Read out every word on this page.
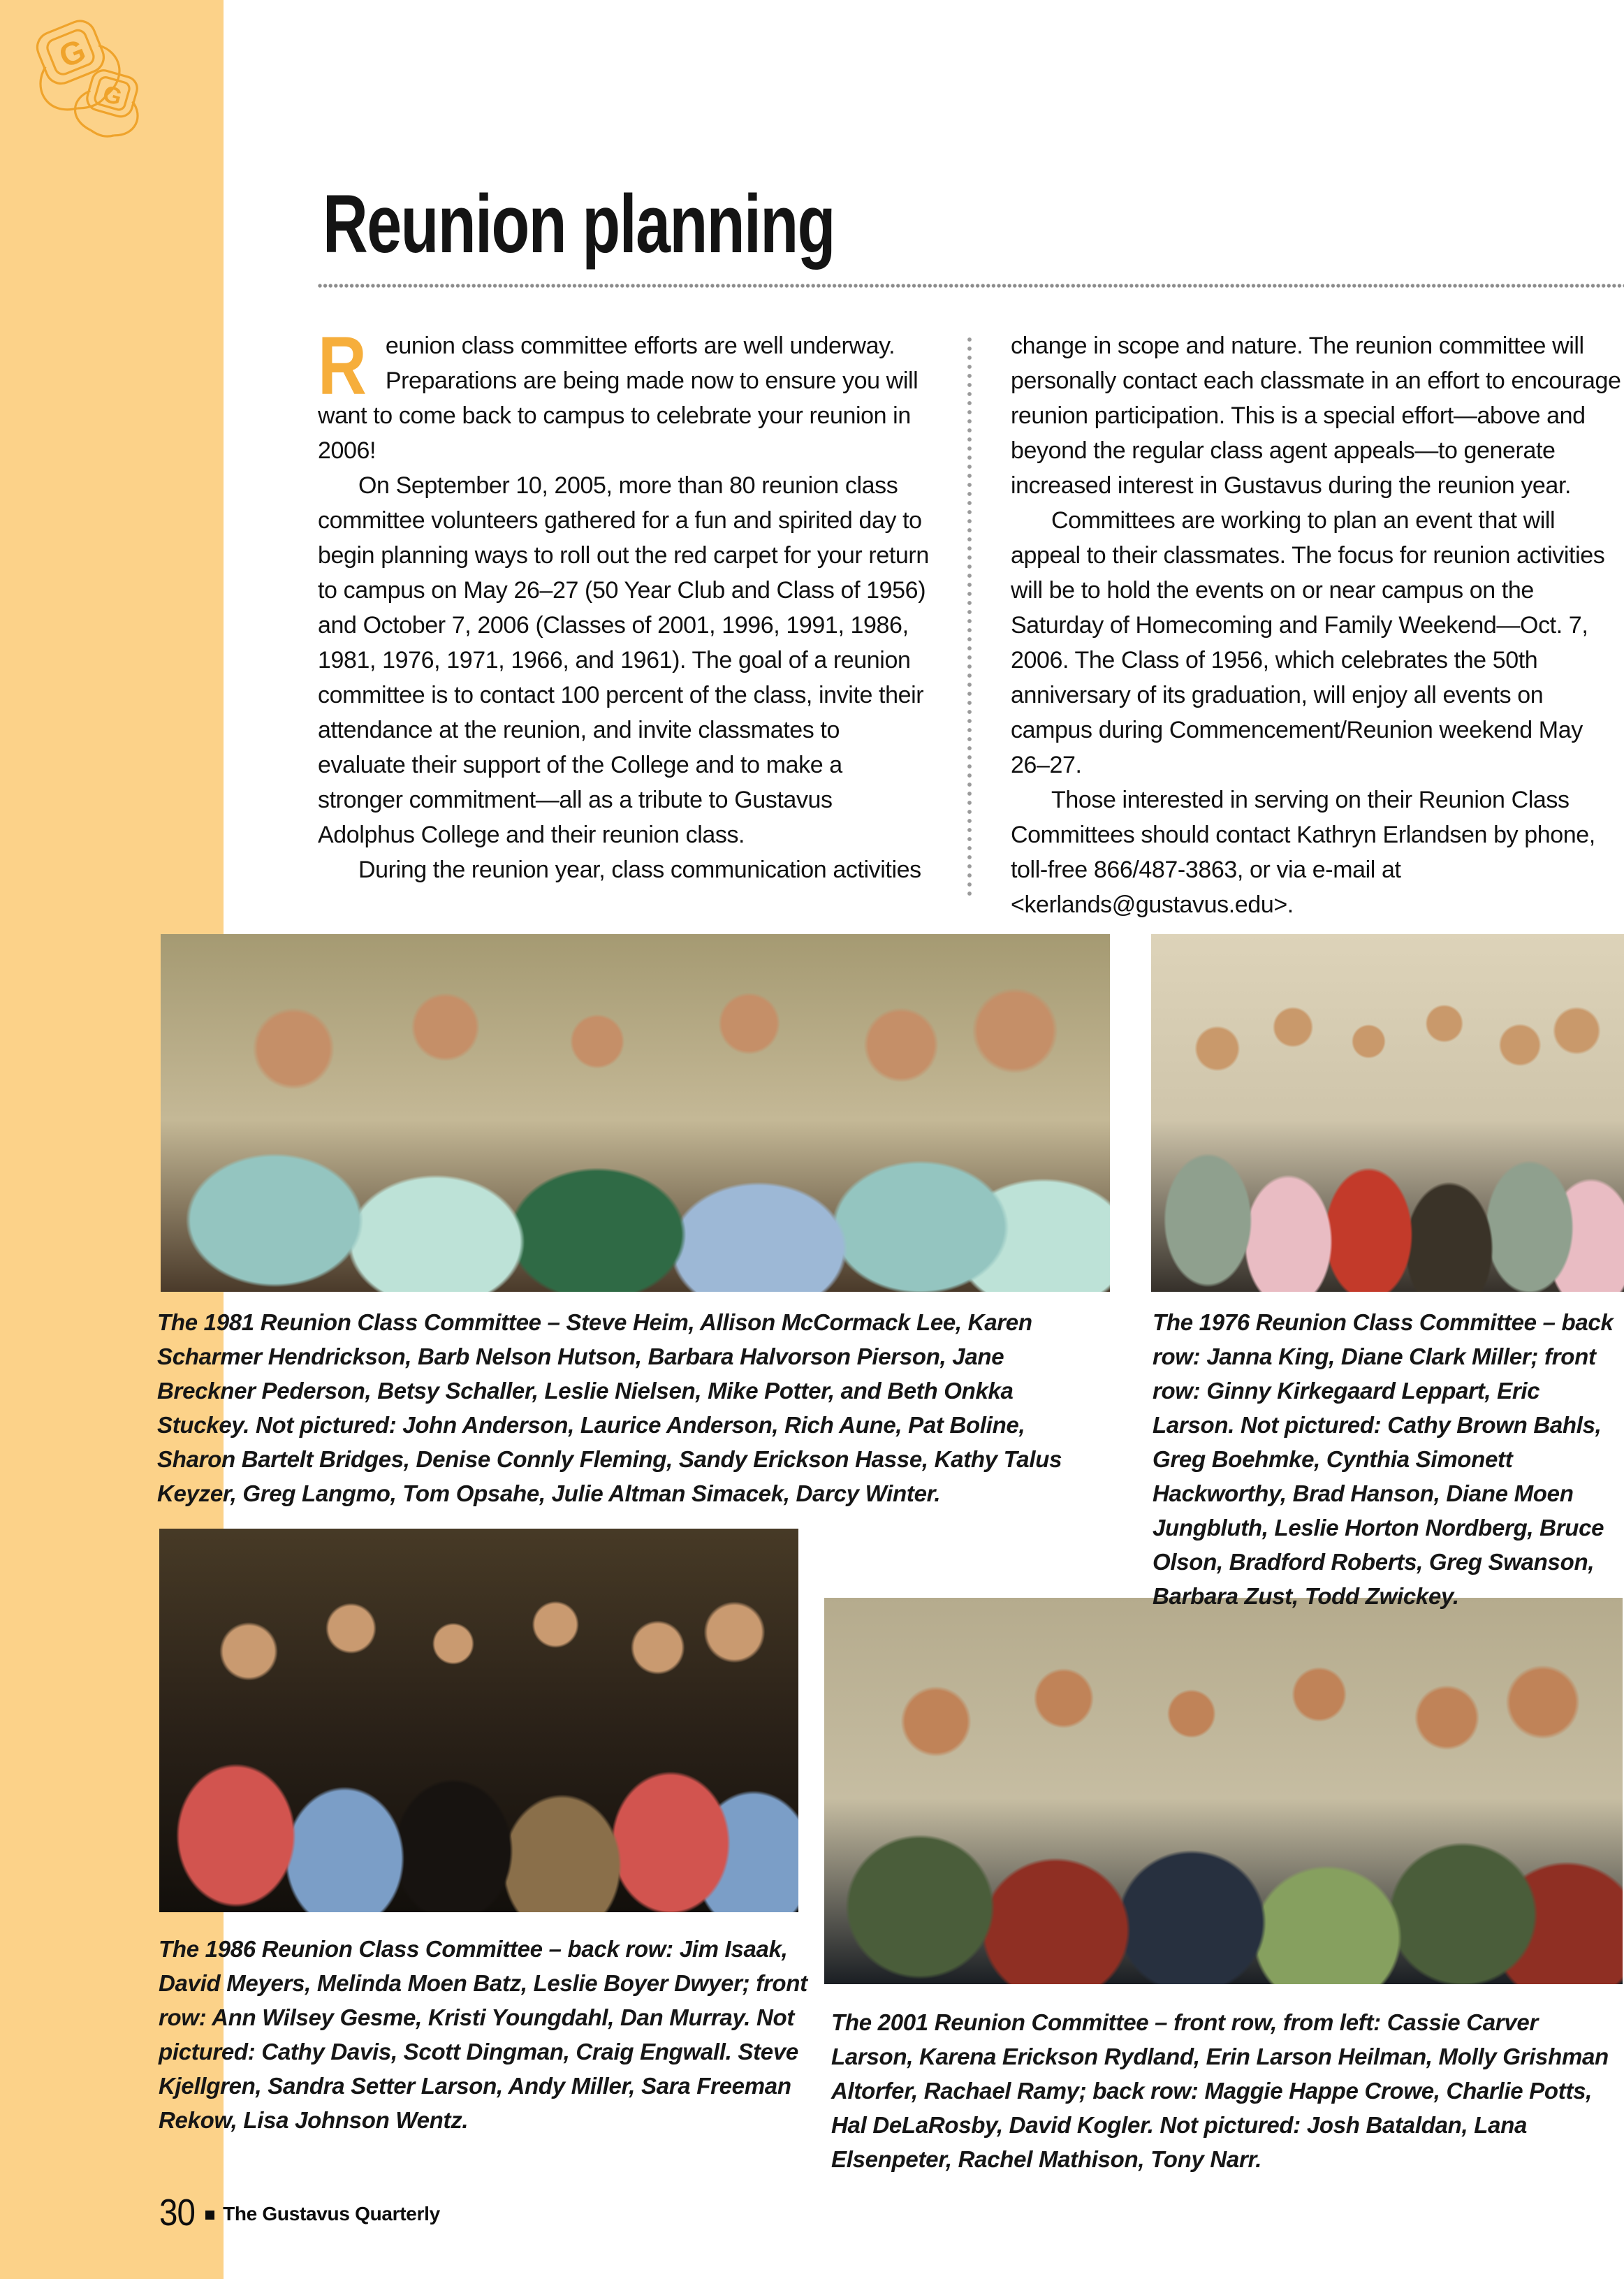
G
G
Reunion planning

Reunion class committee efforts are well underway. Preparations are being made now to ensure you will want to come back to campus to celebrate your reunion in 2006!

On September 10, 2005, more than 80 reunion class committee volunteers gathered for a fun and spirited day to begin planning ways to roll out the red carpet for your return to campus on May 26–27 (50 Year Club and Class of 1956) and October 7, 2006 (Classes of 2001, 1996, 1991, 1986, 1981, 1976, 1971, 1966, and 1961). The goal of a reunion committee is to contact 100 percent of the class, invite their attendance at the reunion, and invite classmates to evaluate their support of the College and to make a stronger commitment—all as a tribute to Gustavus Adolphus College and their reunion class.

During the reunion year, class communication activities

change in scope and nature. The reunion committee will personally contact each classmate in an effort to encourage reunion participation. This is a special effort—above and beyond the regular class agent appeals—to generate increased interest in Gustavus during the reunion year.

Committees are working to plan an event that will appeal to their classmates. The focus for reunion activities will be to hold the events on or near campus on the Saturday of Homecoming and Family Weekend—Oct. 7, 2006. The Class of 1956, which celebrates the 50th anniversary of its graduation, will enjoy all events on campus during Commencement/Reunion weekend May 26–27.

Those interested in serving on their Reunion Class Committees should contact Kathryn Erlandsen by phone, toll-free 866/487-3863, or via e-mail at <kerlands@gustavus.edu>.

The 1981 Reunion Class Committee – Steve Heim, Allison McCormack Lee, Karen Scharmer Hendrickson, Barb Nelson Hutson, Barbara Halvorson Pierson, Jane Breckner Pederson, Betsy Schaller, Leslie Nielsen, Mike Potter, and Beth Onkka Stuckey. Not pictured: John Anderson, Laurice Anderson, Rich Aune, Pat Boline, Sharon Bartelt Bridges, Denise Connly Fleming, Sandy Erickson Hasse, Kathy Talus Keyzer, Greg Langmo, Tom Opsahe, Julie Altman Simacek, Darcy Winter.
The 1976 Reunion Class Committee – back row: Janna King, Diane Clark Miller; front row: Ginny Kirkegaard Leppart, Eric Larson. Not pictured: Cathy Brown Bahls, Greg Boehmke, Cynthia Simonett Hackworthy, Brad Hanson, Diane Moen Jungbluth, Leslie Horton Nordberg, Bruce Olson, Bradford Roberts, Greg Swanson, Barbara Zust, Todd Zwickey.
The 1986 Reunion Class Committee – back row: Jim Isaak, David Meyers, Melinda Moen Batz, Leslie Boyer Dwyer; front row: Ann Wilsey Gesme, Kristi Youngdahl, Dan Murray. Not pictured: Cathy Davis, Scott Dingman, Craig Engwall. Steve Kjellgren, Sandra Setter Larson, Andy Miller, Sara Freeman Rekow, Lisa Johnson Wentz.
The 2001 Reunion Committee – front row, from left: Cassie Carver Larson, Karena Erickson Rydland, Erin Larson Heilman, Molly Grishman Altorfer, Rachael Ramy; back row: Maggie Happe Crowe, Charlie Potts, Hal DeLaRosby, David Kogler. Not pictured: Josh Bataldan, Lana Elsenpeter, Rachel Mathison, Tony Narr.
30 The Gustavus Quarterly
